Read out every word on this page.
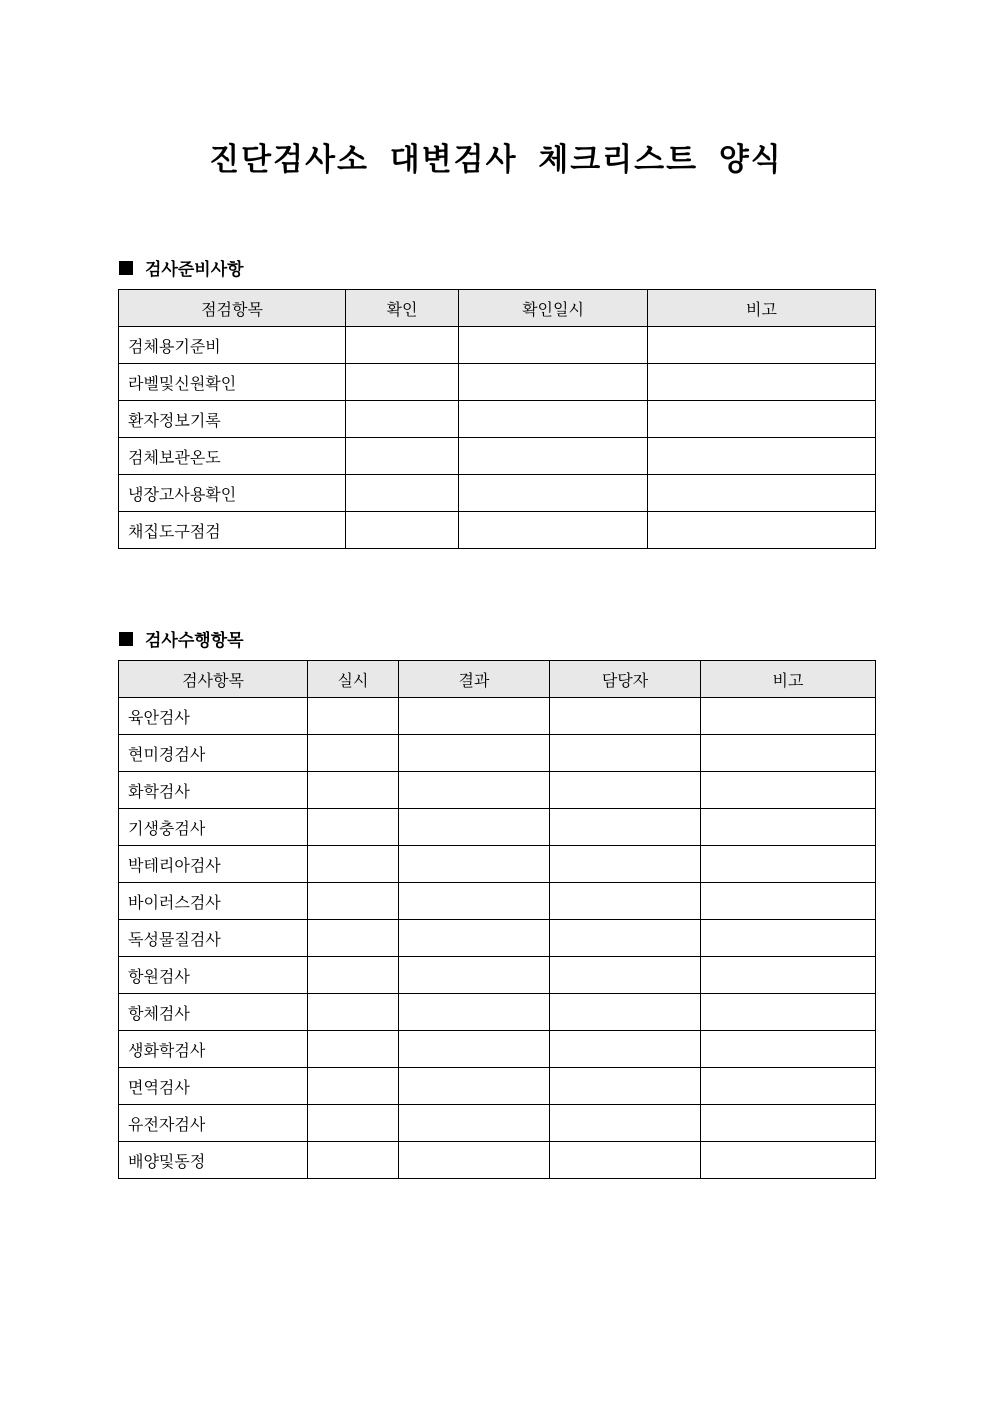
진단검사소 대변검사 체크리스트 양식
검사준비사항
점검항목	확인	확인일시	비고
검체용기준비			
라벨및신원확인			
환자정보기록			
검체보관온도			
냉장고사용확인			
채집도구점검			
검사수행항목
검사항목	실시	결과	담당자	비고
육안검사				
현미경검사				
화학검사				
기생충검사				
박테리아검사				
바이러스검사				
독성물질검사				
항원검사				
항체검사				
생화학검사				
면역검사				
유전자검사				
배양및동정				
